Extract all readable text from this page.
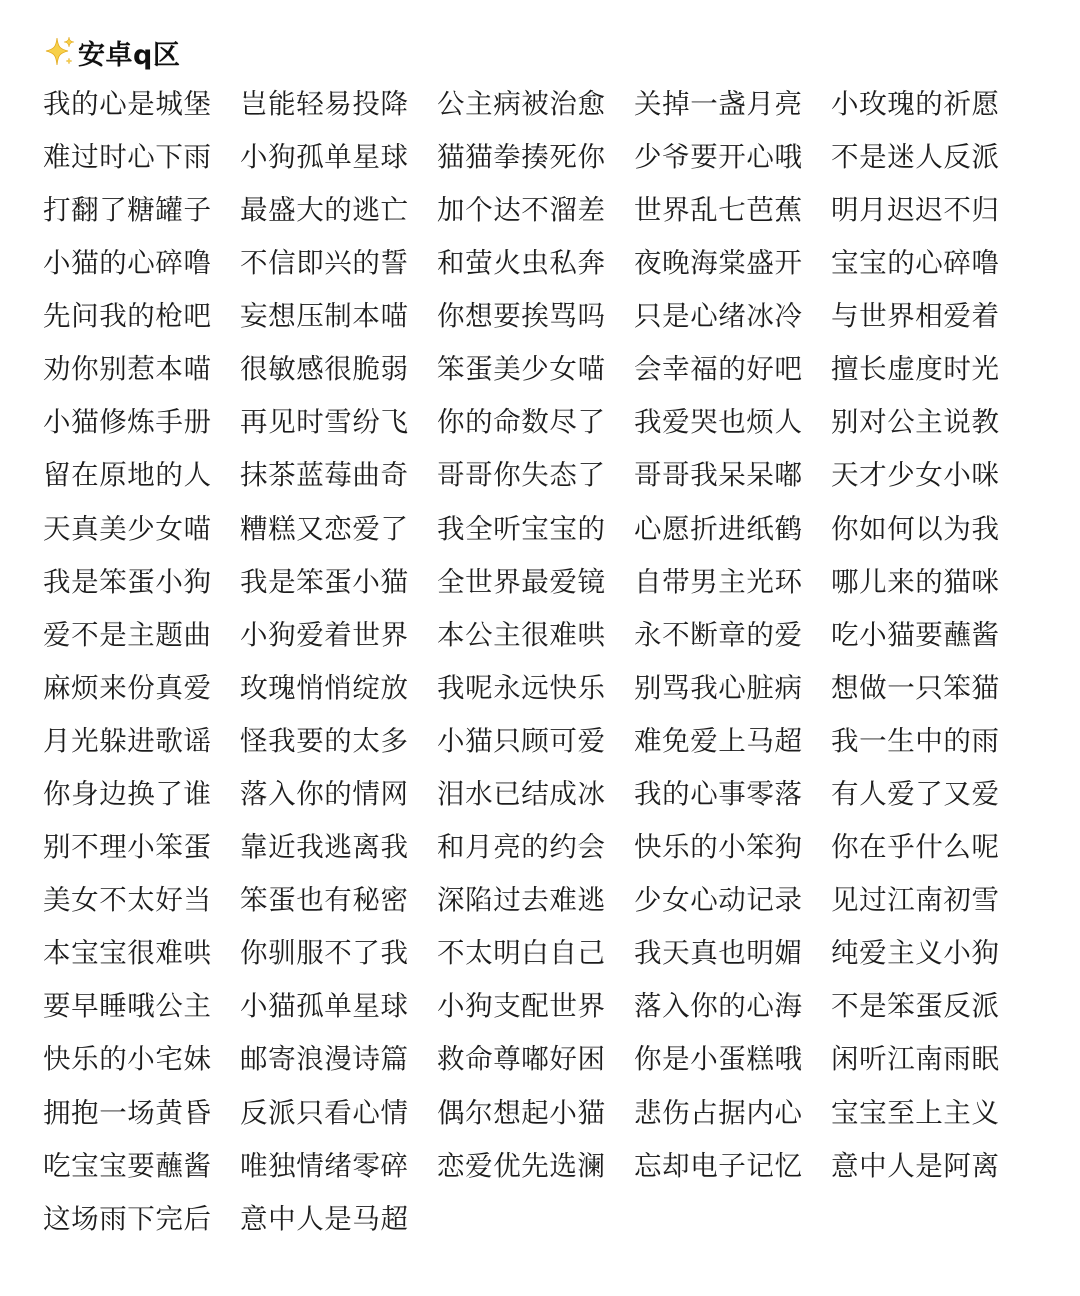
安卓q区
我的心是城堡	岂能轻易投降	公主病被治愈	关掉一盏月亮	小玫瑰的祈愿
难过时心下雨	小狗孤单星球	猫猫拳揍死你	少爷要开心哦	不是迷人反派
打翻了糖罐子	最盛大的逃亡	加个达不溜差	世界乱七芭蕉	明月迟迟不归
小猫的心碎噜	不信即兴的誓	和萤火虫私奔	夜晚海棠盛开	宝宝的心碎噜
先问我的枪吧	妄想压制本喵	你想要挨骂吗	只是心绪冰冷	与世界相爱着
劝你别惹本喵	很敏感很脆弱	笨蛋美少女喵	会幸福的好吧	擅长虚度时光
小猫修炼手册	再见时雪纷飞	你的命数尽了	我爱哭也烦人	别对公主说教
留在原地的人	抹茶蓝莓曲奇	哥哥你失态了	哥哥我呆呆嘟	天才少女小咪
天真美少女喵	糟糕又恋爱了	我全听宝宝的	心愿折进纸鹤	你如何以为我
我是笨蛋小狗	我是笨蛋小猫	全世界最爱镜	自带男主光环	哪儿来的猫咪
爱不是主题曲	小狗爱着世界	本公主很难哄	永不断章的爱	吃小猫要蘸酱
麻烦来份真爱	玫瑰悄悄绽放	我呢永远快乐	别骂我心脏病	想做一只笨猫
月光躲进歌谣	怪我要的太多	小猫只顾可爱	难免爱上马超	我一生中的雨
你身边换了谁	落入你的情网	泪水已结成冰	我的心事零落	有人爱了又爱
别不理小笨蛋	靠近我逃离我	和月亮的约会	快乐的小笨狗	你在乎什么呢
美女不太好当	笨蛋也有秘密	深陷过去难逃	少女心动记录	见过江南初雪
本宝宝很难哄	你驯服不了我	不太明白自己	我天真也明媚	纯爱主义小狗
要早睡哦公主	小猫孤单星球	小狗支配世界	落入你的心海	不是笨蛋反派
快乐的小宅妹	邮寄浪漫诗篇	救命尊嘟好困	你是小蛋糕哦	闲听江南雨眠
拥抱一场黄昏	反派只看心情	偶尔想起小猫	悲伤占据内心	宝宝至上主义
吃宝宝要蘸酱	唯独情绪零碎	恋爱优先选澜	忘却电子记忆	意中人是阿离
这场雨下完后	意中人是马超
